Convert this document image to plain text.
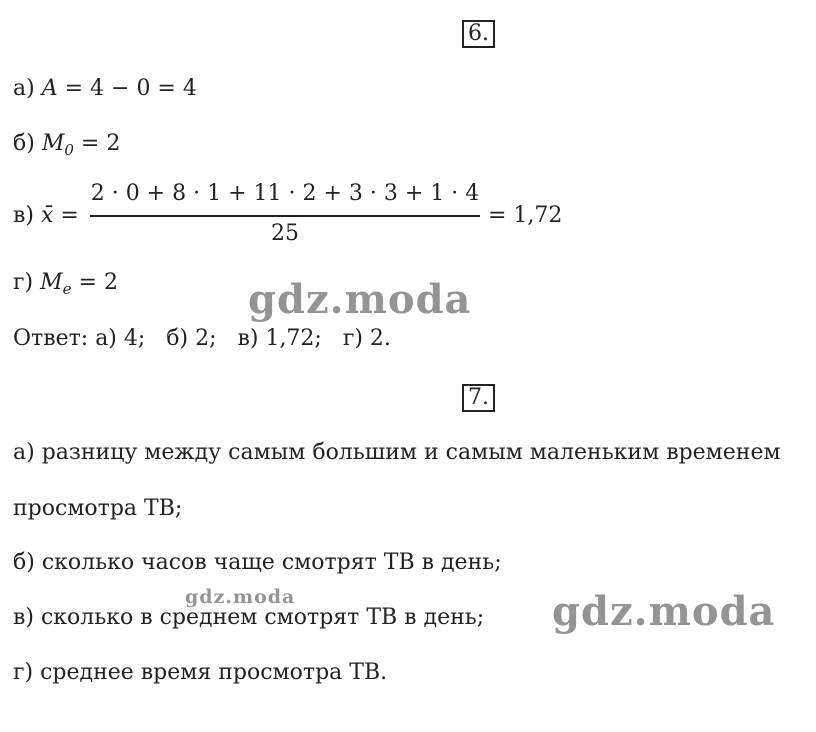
6.
а) A = 4 − 0 = 4
б) $M_0 = 2$
в) x̄ =
2 · 0 + 8 · 1 + 11 · 2 + 3 · 3 + 1 · 4
25
= 1,72
г) $M_e = 2$
Ответ: а) 4;   б) 2;   в) 1,72;   г) 2.
7.
а) разницу между самым большим и самым маленьким временем
просмотра ТВ;
б) сколько часов чаще смотрят ТВ в день;
в) сколько в среднем смотрят ТВ в день;
г) среднее время просмотра ТВ.
gdz.moda
gdz.moda	gdz.moda
